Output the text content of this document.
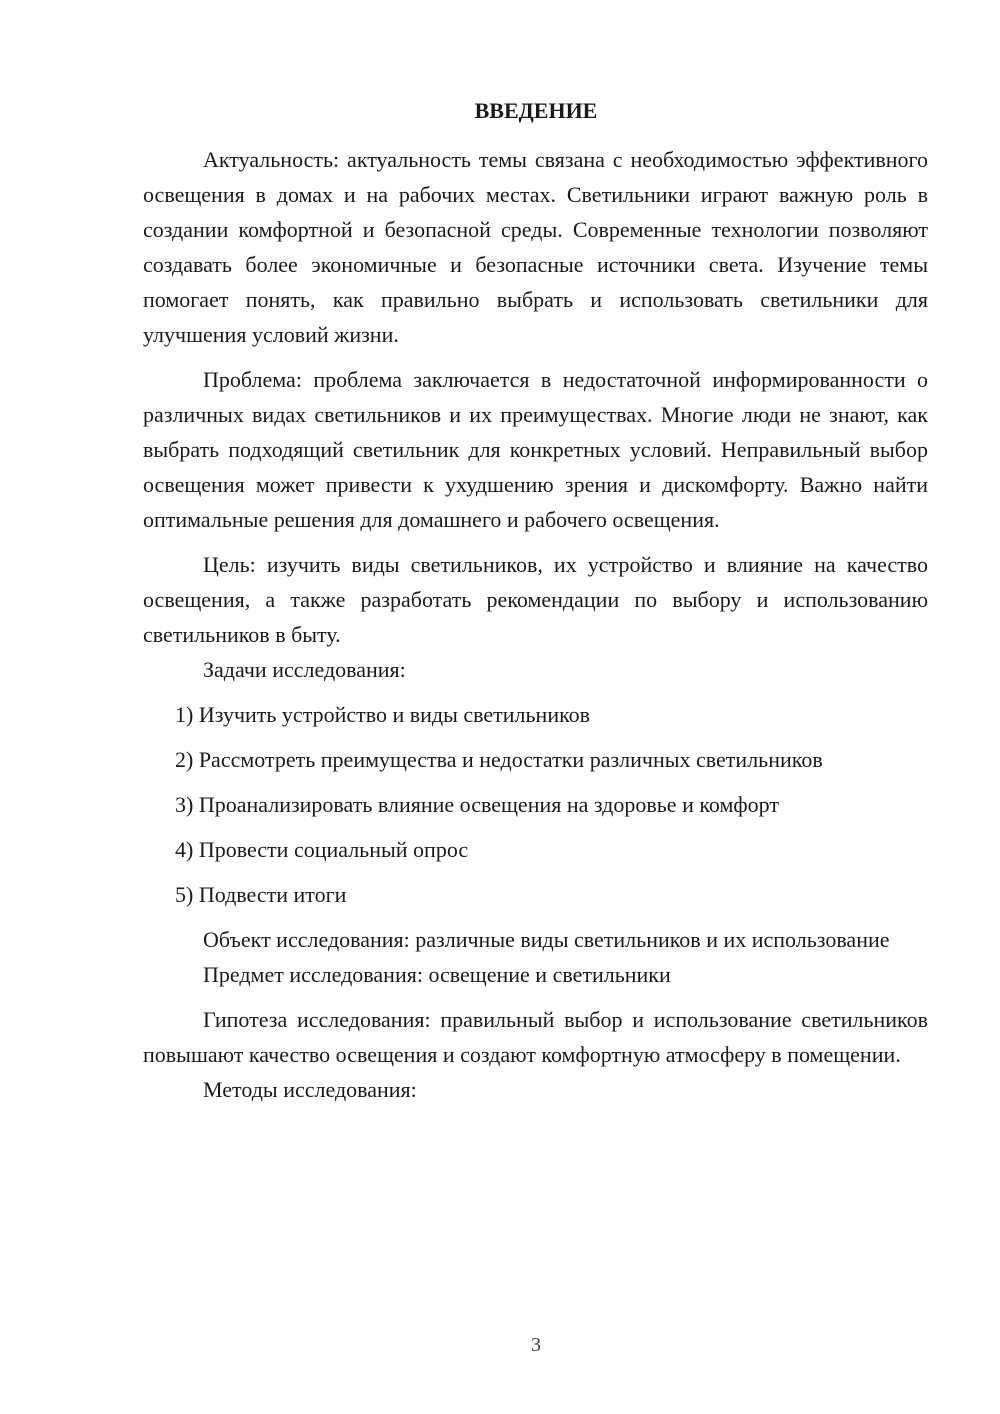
ВВЕДЕНИЕ

Актуальность: актуальность темы связана с необходимостью эффективного освещения в домах и на рабочих местах. Светильники играют важную роль в создании комфортной и безопасной среды. Современные технологии позволяют создавать более экономичные и безопасные источники света. Изучение темы помогает понять, как правильно выбрать и использовать светильники для улучшения условий жизни.

Проблема: проблема заключается в недостаточной информированности о различных видах светильников и их преимуществах. Многие люди не знают, как выбрать подходящий светильник для конкретных условий. Неправильный выбор освещения может привести к ухудшению зрения и дискомфорту. Важно найти оптимальные решения для домашнего и рабочего освещения.

Цель: изучить виды светильников, их устройство и влияние на качество освещения, а также разработать рекомендации по выбору и использованию светильников в быту.

Задачи исследования:

1) Изучить устройство и виды светильников
2) Рассмотреть преимущества и недостатки различных светильников
3) Проанализировать влияние освещения на здоровье и комфорт
4) Провести социальный опрос
5) Подвести итоги

Объект исследования: различные виды светильников и их использование

Предмет исследования: освещение и светильники

Гипотеза исследования: правильный выбор и использование светильников повышают качество освещения и создают комфортную атмосферу в помещении.

Методы исследования:

3
